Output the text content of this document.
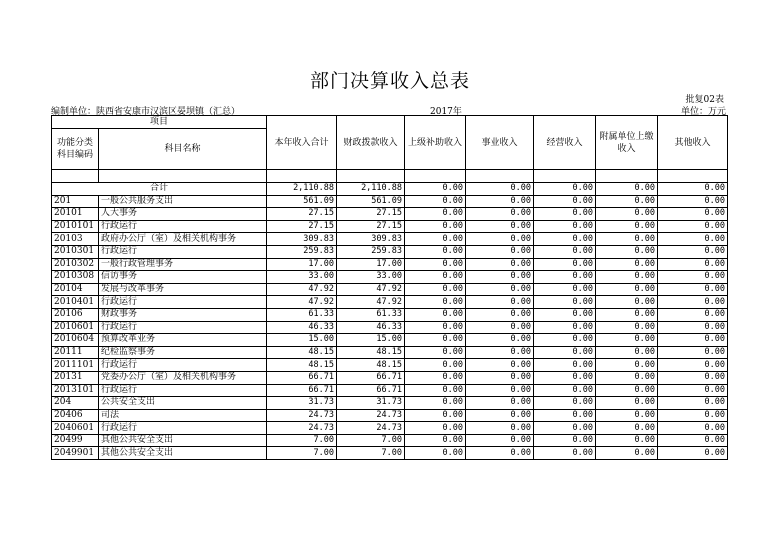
部门决算收入总表
批复02表
编制单位：陕西省安康市汉滨区晏坝镇（汇总）	2017年	单位：万元
项目		本年收入合计	财政拨款收入	上级补助收入	事业收入	经营收入	附属单位上缴收入	其他收入
功能分类科目编码	科目名称							

合计		2,110.88	2,110.88	0.00	0.00	0.00	0.00	0.00
201	一般公共服务支出	561.09	561.09	0.00	0.00	0.00	0.00	0.00
20101	人大事务	27.15	27.15	0.00	0.00	0.00	0.00	0.00
2010101	行政运行	27.15	27.15	0.00	0.00	0.00	0.00	0.00
20103	政府办公厅（室）及相关机构事务	309.83	309.83	0.00	0.00	0.00	0.00	0.00
2010301	行政运行	259.83	259.83	0.00	0.00	0.00	0.00	0.00
2010302	一般行政管理事务	17.00	17.00	0.00	0.00	0.00	0.00	0.00
2010308	信访事务	33.00	33.00	0.00	0.00	0.00	0.00	0.00
20104	发展与改革事务	47.92	47.92	0.00	0.00	0.00	0.00	0.00
2010401	行政运行	47.92	47.92	0.00	0.00	0.00	0.00	0.00
20106	财政事务	61.33	61.33	0.00	0.00	0.00	0.00	0.00
2010601	行政运行	46.33	46.33	0.00	0.00	0.00	0.00	0.00
2010604	预算改革业务	15.00	15.00	0.00	0.00	0.00	0.00	0.00
20111	纪检监察事务	48.15	48.15	0.00	0.00	0.00	0.00	0.00
2011101	行政运行	48.15	48.15	0.00	0.00	0.00	0.00	0.00
20131	党委办公厅（室）及相关机构事务	66.71	66.71	0.00	0.00	0.00	0.00	0.00
2013101	行政运行	66.71	66.71	0.00	0.00	0.00	0.00	0.00
204	公共安全支出	31.73	31.73	0.00	0.00	0.00	0.00	0.00
20406	司法	24.73	24.73	0.00	0.00	0.00	0.00	0.00
2040601	行政运行	24.73	24.73	0.00	0.00	0.00	0.00	0.00
20499	其他公共安全支出	7.00	7.00	0.00	0.00	0.00	0.00	0.00
2049901	其他公共安全支出	7.00	7.00	0.00	0.00	0.00	0.00	0.00
